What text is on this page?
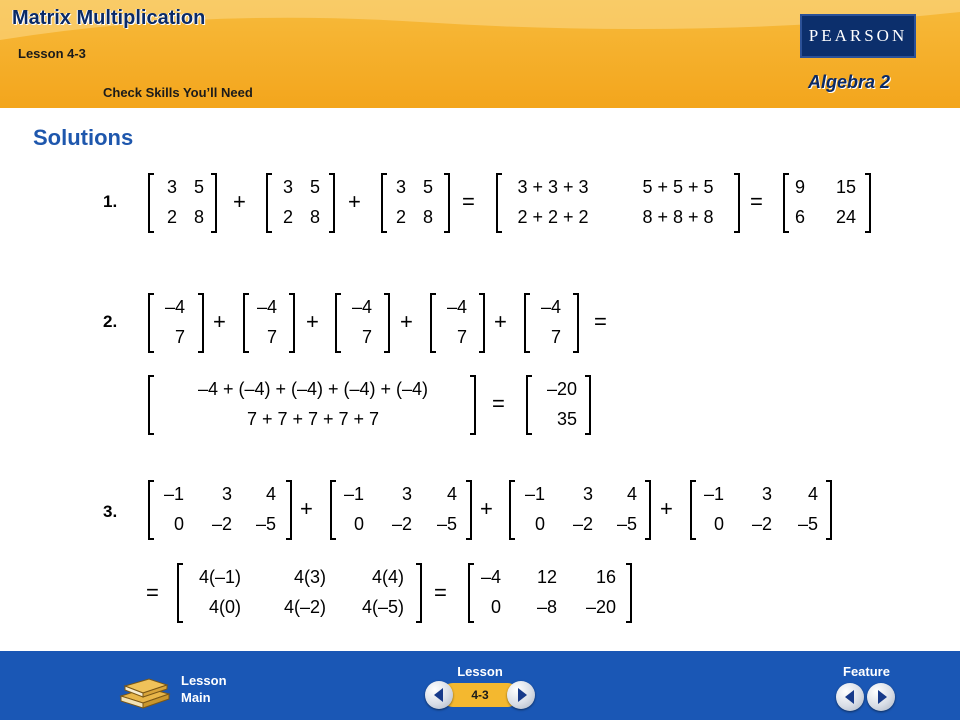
Matrix Multiplication
Lesson 4-3
Check Skills You’ll Need
PEARSON
Algebra 2
Solutions
1.
3 5
2 8
+
3 5
2 8
+
3 5
2 8
=
3 + 3 + 3	5 + 5 + 5
2 + 2 + 2	8 + 8 + 8
=
9 15
6 24
2.
–4
7
+
–4
7
+
–4
7
+
–4
7
+
–4
7
=
–4 + (–4) + (–4) + (–4) + (–4)
7 + 7 + 7 + 7 + 7
=
–20
35
3.
–1 3 4
0 –2 –5
+
–1 3 4
0 –2 –5
+
–1 3 4
0 –2 –5
+
–1 3 4
0 –2 –5
=
4(–1)	4(3)	4(4)
4(0) 4(–2) 4(–5)
=
–4 12 16
0 –8 –20
Lesson
Main
Lesson
4-3
Feature
